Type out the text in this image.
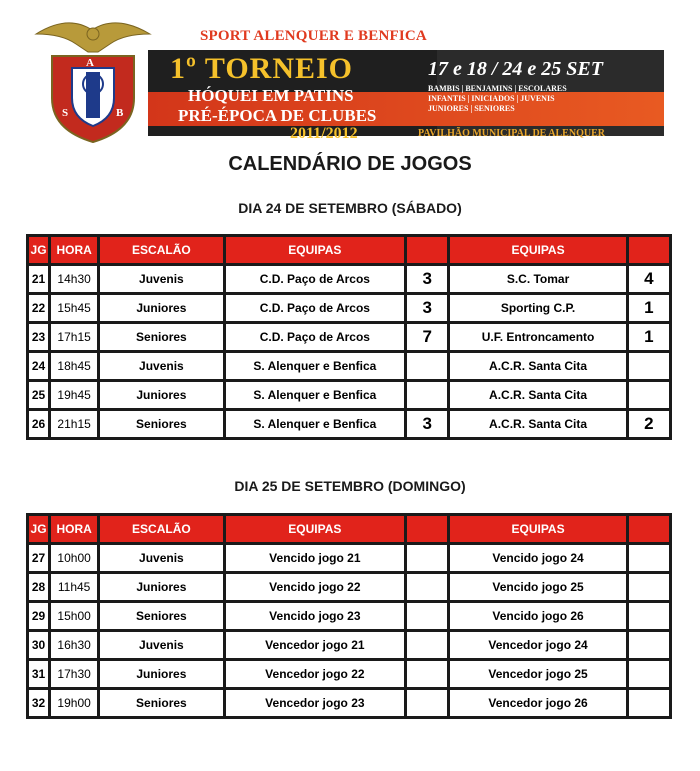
S
A
B
SPORT ALENQUER E BENFICA
1º TORNEIO
HÓQUEI EM PATINS
PRÉ-ÉPOCA DE CLUBES
2011/2012
17 e 18 / 24 e 25 SET
BAMBIS | BENJAMINS | ESCOLARES
INFANTIS | INICIADOS | JUVENIS
JUNIORES | SENIORES
PAVILHÃO MUNICIPAL DE ALENQUER
CALENDÁRIO DE JOGOS
DIA 24 DE SETEMBRO (SÁBADO)
DIA 25 DE SETEMBRO (DOMINGO)
JG	HORA	ESCALÃO	EQUIPAS		EQUIPAS	
21	14h30	Juvenis	C.D. Paço de Arcos	3	S.C. Tomar	4
22	15h45	Juniores	C.D. Paço de Arcos	3	Sporting C.P.	1
23	17h15	Seniores	C.D. Paço de Arcos	7	U.F. Entroncamento	1
24	18h45	Juvenis	S. Alenquer e Benfica		A.C.R. Santa Cita	
25	19h45	Juniores	S. Alenquer e Benfica		A.C.R. Santa Cita	
26	21h15	Seniores	S. Alenquer e Benfica	3	A.C.R. Santa Cita	2
JG	HORA	ESCALÃO	EQUIPAS		EQUIPAS	
27	10h00	Juvenis	Vencido jogo 21		Vencido jogo 24	
28	11h45	Juniores	Vencido jogo 22		Vencido jogo 25	
29	15h00	Seniores	Vencido jogo 23		Vencido jogo 26	
30	16h30	Juvenis	Vencedor jogo 21		Vencedor jogo 24	
31	17h30	Juniores	Vencedor jogo 22		Vencedor jogo 25	
32	19h00	Seniores	Vencedor jogo 23		Vencedor jogo 26	
